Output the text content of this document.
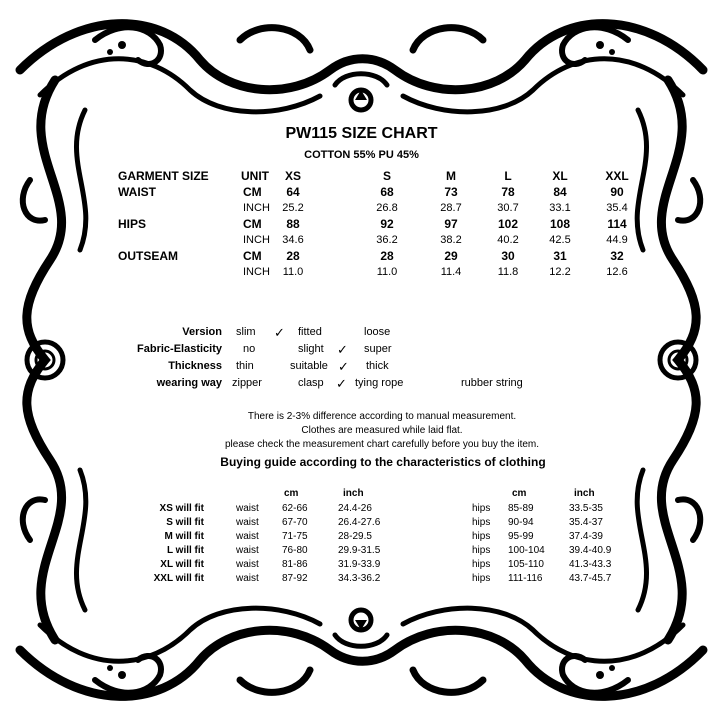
PW115 SIZE CHART
COTTON 55% PU 45%
GARMENT SIZE	UNIT	XS	S	M	L	XL	XXL
WAIST	CM	64	68	73	78	84	90
INCH	25.2	26.8	28.7	30.7	33.1	35.4
HIPS	CM	88	92	97	102	108	114
INCH	34.6	36.2	38.2	40.2	42.5	44.9
OUTSEAM	CM	28	28	29	30	31	32
INCH	11.0	11.0	11.4	11.8	12.2	12.6
Version slim ✓ fitted	loose
Fabric-Elasticity no	slight ✓ super
Thickness thin	suitable ✓ thick
wearing way zipper	clasp ✓ tying rope	rubber string
There is 2-3% difference according to manual measurement.
Clothes are measured while laid flat.
please check the measurement chart carefully before you buy the item.
Buying guide according to the characteristics of clothing
cm	inch	cm	inch
XS will fit	waist 62-66	24.4-26	hips 85-89	33.5-35
S will fit	waist 67-70	26.4-27.6	hips 90-94	35.4-37
M will fit	waist 71-75	28-29.5	hips 95-99	37.4-39
L will fit	waist 76-80	29.9-31.5	hips 100-104 39.4-40.9
XL will fit	waist 81-86	31.9-33.9	hips 105-110	41.3-43.3
XXL will fit	waist 87-92	34.3-36.2	hips 111-116	43.7-45.7
